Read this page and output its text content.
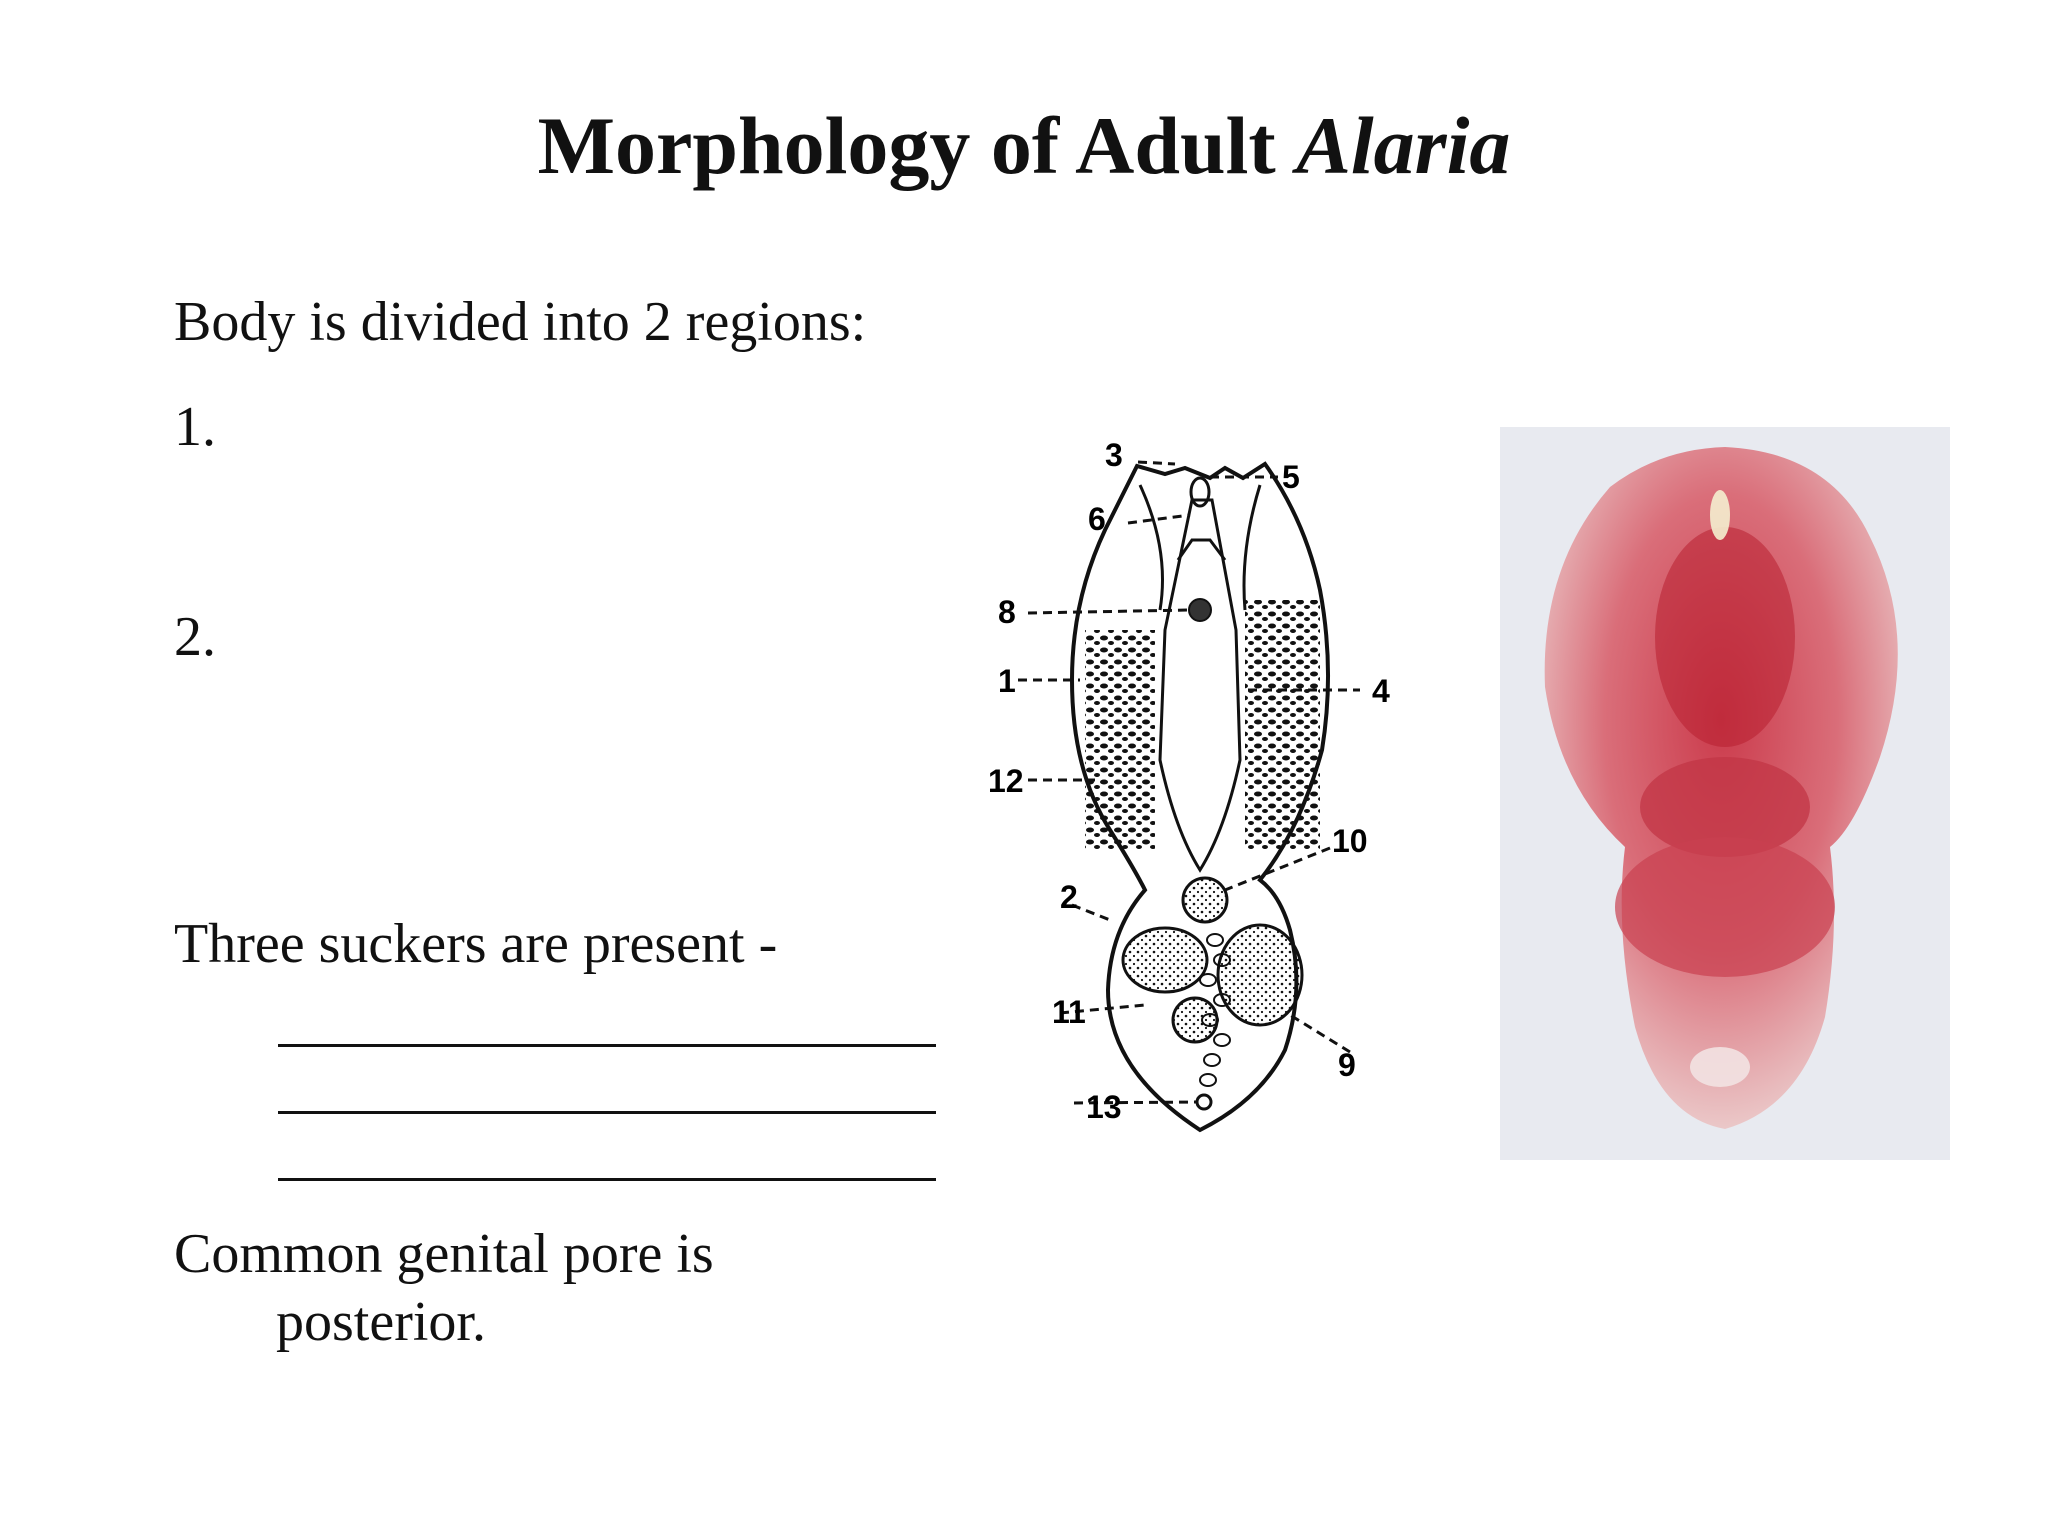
Morphology of Adult Alaria
Body is divided into 2 regions:
1.
2.
Three suckers are present -
Common genital pore is
posterior.
3
5
6
8
1	4
12
10
2
11
9
13
